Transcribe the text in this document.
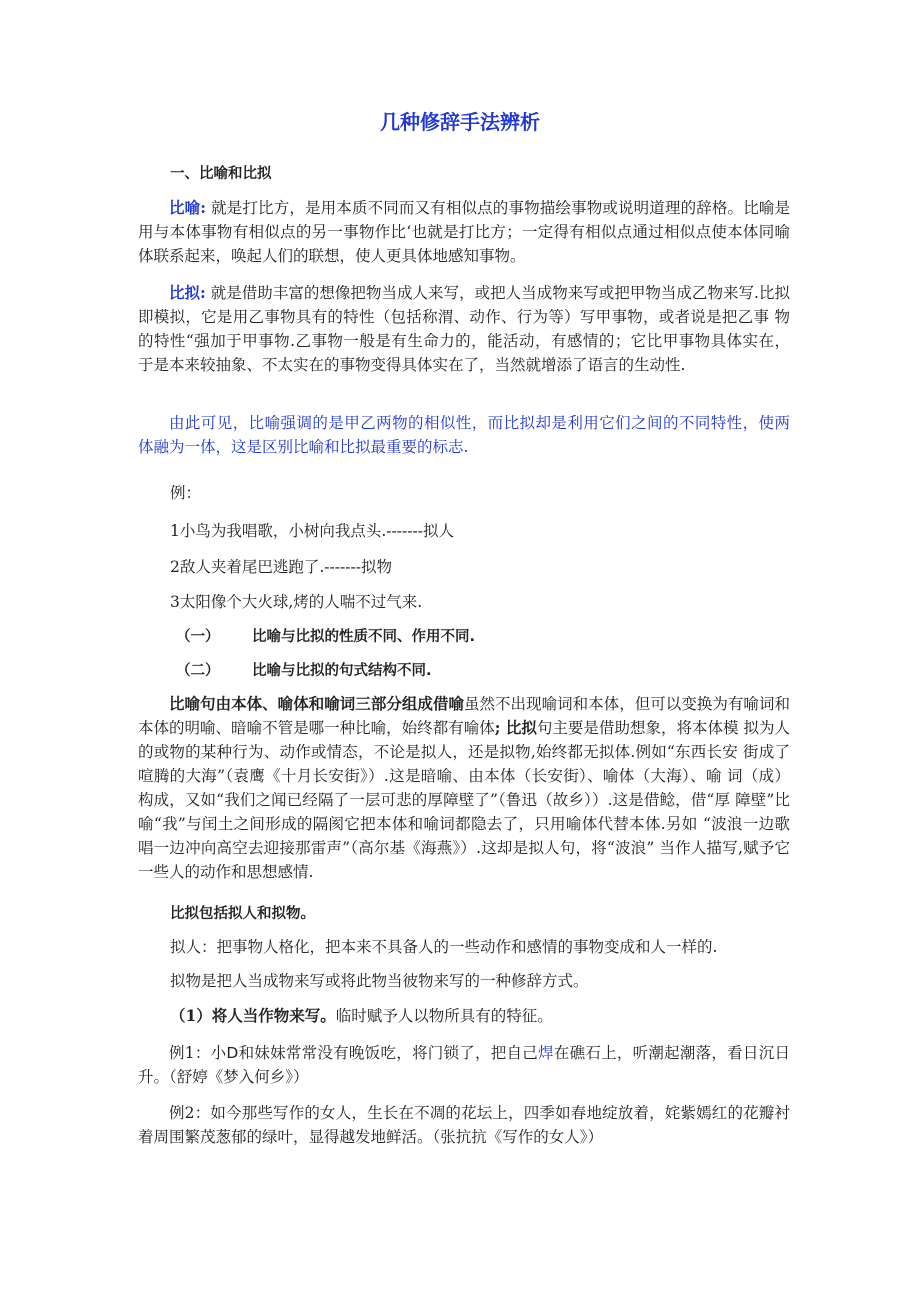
几种修辞手法辨析

一、比喻和比拟

比喻: 就是打比方，是用本质不同而又有相似点的事物描绘事物或说明道理的辞格。比喻是用与本体事物有相似点的另一事物作比‘也就是打比方；一定得有相似点通过相似点使本体同喻体联系起来，唤起人们的联想，使人更具体地感知事物。

比拟: 就是借助丰富的想像把物当成人来写，或把人当成物来写或把甲物当成乙物来写.比拟即模拟，它是用乙事物具有的特性（包括称渭、动作、行为等）写甲事物，或者说是把乙事 物的特性“强加于甲事物.乙事物一般是有生命力的，能活动，有感情的；它比甲事物具体实在， 于是本来较抽象、不太实在的事物变得具体实在了，当然就增添了语言的生动性.

由此可见，比喻强调的是甲乙两物的相似性，而比拟却是利用它们之间的不同特性，使两 体融为一体，这是区别比喻和比拟最重要的标志.

例：

1小鸟为我唱歌，小树向我点头.-------拟人

2敌人夹着尾巴逃跑了.-------拟物

3太阳像个大火球,烤的人喘不过气来.

（一） 比喻与比拟的性质不同、作用不同.

（二） 比喻与比拟的句式结构不同.

比喻句由本体、喻体和喻词三部分组成借喻虽然不出现喻词和本体，但可以变换为有喻词和本体的明喻、暗喻不管是哪一种比喻，始终都有喻体; 比拟句主要是借助想象，将本体模 拟为人的或物的某种行为、动作或情态，不论是拟人，还是拟物,始终都无拟体.例如“东西长安 街成了喧腾的大海”（袁鹰《十月长安街》）.这是暗喻、由本体（长安街）、喻体（大海）、喻 词（成）构成，又如“我们之闻已经隔了一层可悲的厚障壁了”（鲁迅（故乡））.这是借鲶，借“厚 障壁”比喻“我”与闰土之间形成的隔阂它把本体和喻词都隐去了，只用喻体代替本体.另如 “波浪一边歌唱一边冲向高空去迎接那雷声”（高尔基《海燕》）.这却是拟人句，将“波浪” 当作人描写,赋予它一些人的动作和思想感情.

比拟包括拟人和拟物。

拟人：把事物人格化，把本来不具备人的一些动作和感情的事物变成和人一样的.

拟物是把人当成物来写或将此物当彼物来写的一种修辞方式。

（1）将人当作物来写。临时赋予人以物所具有的特征。

例1：小D和妹妹常常没有晚饭吃，将门锁了，把自己焊在礁石上，听潮起潮落，看日沉日升。（舒婷《梦入何乡》）

例2：如今那些写作的女人，生长在不凋的花坛上，四季如春地绽放着，姹紫嫣红的花瓣衬着周围繁茂葱郁的绿叶，显得越发地鲜活。（张抗抗《写作的女人》）
